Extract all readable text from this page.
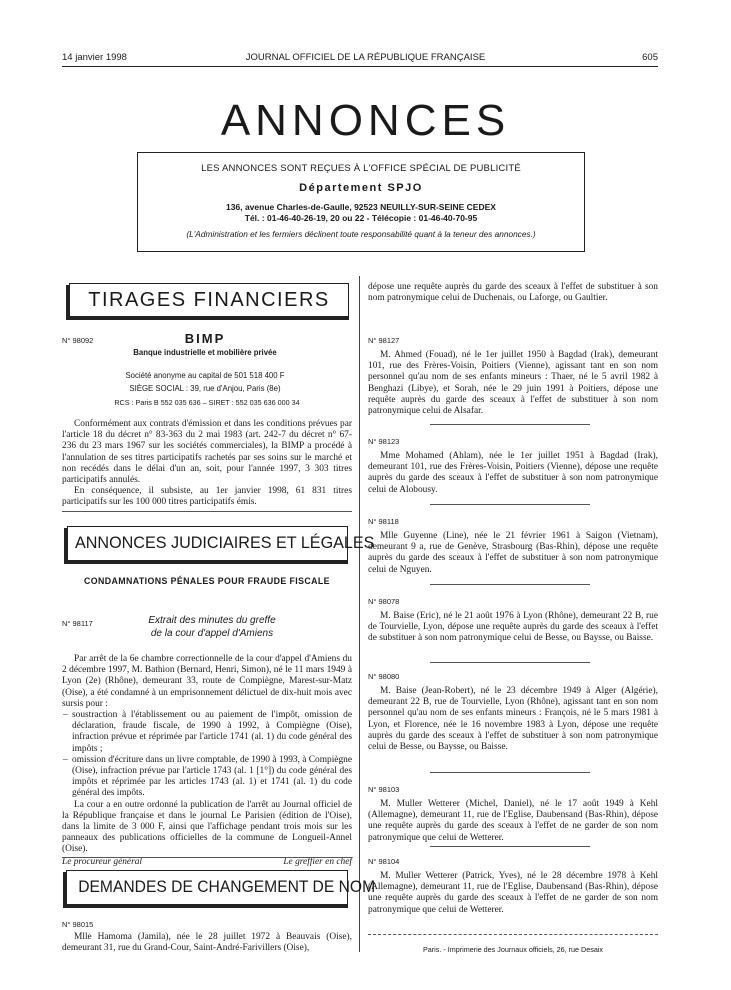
14 janvier 1998	JOURNAL OFFICIEL DE LA RÉPUBLIQUE FRANÇAISE	605
ANNONCES
LES ANNONCES SONT REÇUES À L'OFFICE SPÉCIAL DE PUBLICITÉ
Département SPJO
136, avenue Charles-de-Gaulle, 92523 NEUILLY-SUR-SEINE CEDEX
Tél. : 01-46-40-26-19, 20 ou 22 - Télécopie : 01-46-40-70-95
(L'Administration et les fermiers déclinent toute responsabilité quant à la teneur des annonces.)
TIRAGES FINANCIERS
N° 98092	BIMP
Banque industrielle et mobilière privée
Société anonyme au capital de 501 518 400 F
SIÈGE SOCIAL : 39, rue d'Anjou, Paris (8e)
RCS : Paris B 552 035 636 – SIRET : 552 035 636 000 34

Conformément aux contrats d'émission et dans les conditions prévues par l'article 18 du décret n° 83-363 du 2 mai 1983 (art. 242-7 du décret n° 67-236 du 23 mars 1967 sur les sociétés commerciales), la BIMP a procédé à l'annulation de ses titres participatifs rachetés par ses soins sur le marché et non recédés dans le délai d'un an, soit, pour l'année 1997, 3 303 titres participatifs annulés.

En conséquence, il subsiste, au 1er janvier 1998, 61 831 titres participatifs sur les 100 000 titres participatifs émis.

ANNONCES JUDICIAIRES ET LÉGALES
CONDAMNATIONS PÉNALES POUR FRAUDE FISCALE
N° 98117	Extrait des minutes du greffe
de la cour d'appel d'Amiens

Par arrêt de la 6e chambre correctionnelle de la cour d'appel d'Amiens du 2 décembre 1997, M. Bathion (Bernard, Henri, Simon), né le 11 mars 1949 à Lyon (2e) (Rhône), demeurant 33, route de Compiègne, Marest-sur-Matz (Oise), a été condamné à un emprisonnement délictuel de dix-huit mois avec sursis pour :

– soustraction à l'établissement ou au paiement de l'impôt, omission de déclaration, fraude fiscale, de 1990 à 1992, à Compiègne (Oise), infraction prévue et réprimée par l'article 1741 (al. 1) du code général des impôts ;
– omission d'écriture dans un livre comptable, de 1990 à 1993, à Compiègne (Oise), infraction prévue par l'article 1743 (al. 1 [1°]) du code général des impôts et réprimée par les articles 1743 (al. 1) et 1741 (al. 1) du code général des impôts.

La cour a en outre ordonné la publication de l'arrêt au Journal officiel de la République française et dans le journal Le Parisien (édition de l'Oise), dans la limite de 3 000 F, ainsi que l'affichage pendant trois mois sur les panneaux des publications officielles de la commune de Longueil-Annel (Oise).

Le procureur général	Le greffier en chef
DEMANDES DE CHANGEMENT DE NOM
N° 98015

Mlle Hamoma (Jamila), née le 28 juillet 1972 à Beauvais (Oise), demeurant 31, rue du Grand-Cour, Saint-André-Farivillers (Oise),

dépose une requête auprès du garde des sceaux à l'effet de substituer à son nom patronymique celui de Duchenais, ou Laforge, ou Gaultier.

N° 98127

M. Ahmed (Fouad), né le 1er juillet 1950 à Bagdad (Irak), demeurant 101, rue des Frères-Voisin, Poitiers (Vienne), agissant tant en son nom personnel qu'au nom de ses enfants mineurs : Thaer, né le 5 avril 1982 à Benghazi (Libye), et Sorah, née le 29 juin 1991 à Poitiers, dépose une requête auprès du garde des sceaux à l'effet de substituer à son nom patronymique celui de Alsafar.

N° 98123

Mme Mohamed (Ahlam), née le 1er juillet 1951 à Bagdad (Irak), demeurant 101, rue des Frères-Voisin, Poitiers (Vienne), dépose une requête auprès du garde des sceaux à l'effet de substituer à son nom patronymique celui de Alobousy.

N° 98118

Mlle Guyenne (Line), née le 21 février 1961 à Saigon (Vietnam), demeurant 9 a, rue de Genève, Strasbourg (Bas-Rhin), dépose une requête auprès du garde des sceaux à l'effet de substituer à son nom patronymique celui de Nguyen.

N° 98078

M. Baise (Eric), né le 21 août 1976 à Lyon (Rhône), demeurant 22 B, rue de Tourvielle, Lyon, dépose une requête auprès du garde des sceaux à l'effet de substituer à son nom patronymique celui de Besse, ou Baysse, ou Baisse.

N° 98080

M. Baise (Jean-Robert), né le 23 décembre 1949 à Alger (Algérie), demeurant 22 B, rue de Tourvielle, Lyon (Rhône), agissant tant en son nom personnel qu'au nom de ses enfants mineurs : François, né le 5 mars 1981 à Lyon, et Florence, née le 16 novembre 1983 à Lyon, dépose une requête auprès du garde des sceaux à l'effet de substituer à son nom patronymique celui de Besse, ou Baysse, ou Baisse.

N° 98103

M. Muller Wetterer (Michel, Daniel), né le 17 août 1949 à Kehl (Allemagne), demeurant 11, rue de l'Eglise, Daubensand (Bas-Rhin), dépose une requête auprès du garde des sceaux à l'effet de ne garder de son nom patronymique que celui de Wetterer.

N° 98104

M. Muller Wetterer (Patrick, Yves), né le 28 décembre 1978 à Kehl (Allemagne), demeurant 11, rue de l'Eglise, Daubensand (Bas-Rhin), dépose une requête auprès du garde des sceaux à l'effet de ne garder de son nom patronymique que celui de Wetterer.

Paris. - Imprimerie des Journaux officiels, 26, rue Desaix
